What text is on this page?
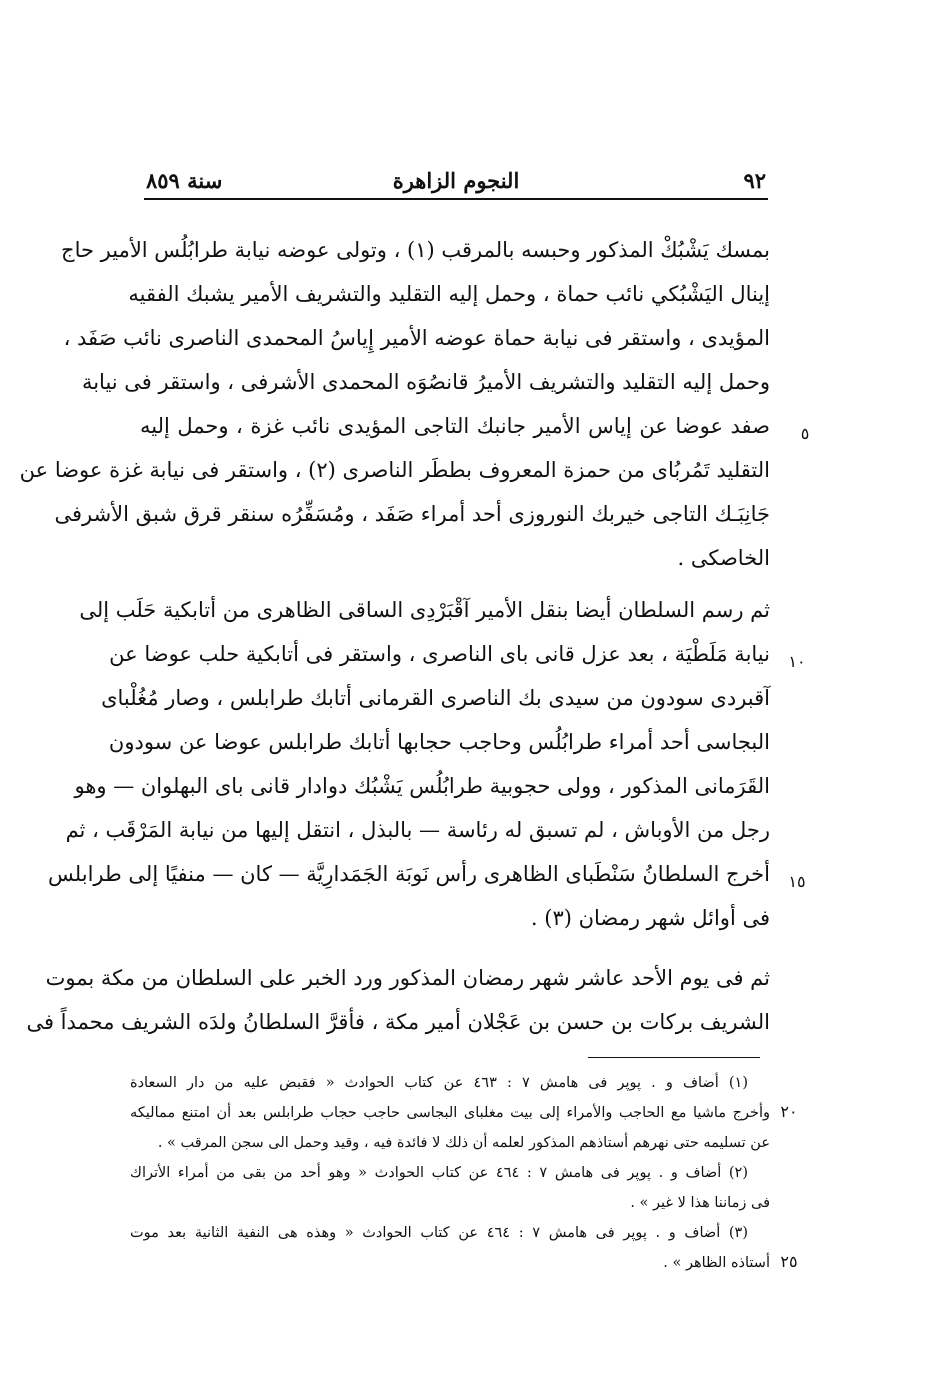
سنة ٨٥٩	النجوم الزاهرة	٩٢

بمسك يَشْبُكْ المذكور وحبسه بالمرقب (١) ، وتولى عوضه نيابة طرابُلُس الأمير حاج
إينال اليَشْبُكي نائب حماة ، وحمل إليه التقليد والتشريف الأمير يشبك الفقيه
المؤيدى ، واستقر فى نيابة حماة عوضه الأمير إِياسُ المحمدى الناصرى نائب صَفَد ،
وحمل إليه التقليد والتشريف الأميرُ قانصُوَه المحمدى الأشرفى ، واستقر فى نيابة
صفد عوضا عن إياس الأمير جانبك التاجى المؤيدى نائب غزة ، وحمل إليه
التقليد تَمُربُاى من حمزة المعروف بططَر الناصرى (٢) ، واستقر فى نيابة غزة عوضا عن
جَانِبَـك التاجى خيربك النوروزى أحد أمراء صَفَد ، ومُسَفِّرُه سنقر قرق شبق الأشرفى
الخاصكى .

ثم رسم السلطان أيضا بنقل الأمير آقْبَرْدِى الساقى الظاهرى من أتابكية حَلَب إلى
نيابة مَلَطْيَة ، بعد عزل قانى باى الناصرى ، واستقر فى أتابكية حلب عوضا عن
آقبردى سودون من سيدى بك الناصرى القرمانى أتابك طرابلس ، وصار مُغُلْباى
البجاسى أحد أمراء طرابُلُس وحاجب حجابها أتابك طرابلس عوضا عن سودون
القَرَمانى المذكور ، وولى حجوبية طرابُلُس يَشْبُك دوادار قانى باى البهلوان — وهو
رجل من الأوباش ، لم تسبق له رئاسة — بالبذل ، انتقل إليها من نيابة المَرْقَب ، ثم
أخرج السلطانُ سَنْطَباى الظاهرى رأس نَوبَة الجَمَدارِيَّة — كان — منفيًا إلى طرابلس
فى أوائل شهر رمضان (٣) .

ثم فى يوم الأحد عاشر شهر رمضان المذكور ورد الخبر على السلطان من مكة بموت
الشريف بركات بن حسن بن عَجْلان أمير مكة ، فأقرَّ السلطانُ ولدَه الشريف محمداً فى

٥
١٠
١٥
٢٠
٢٥
(١) أضاف و . پوپر فى هامش ٧ : ٤٦٣ عن كتاب الحوادث « فقبض عليه من دار السعادة
وأخرج ماشيا مع الحاجب والأمراء إلى بيت مغلباى البجاسى حاجب حجاب طرابلس بعد أن امتنع مماليكه
عن تسليمه حتى نهرهم أستاذهم المذكور لعلمه أن ذلك لا فائدة فيه ، وقيد وحمل الى سجن المرقب » .
(٢) أضاف و . پوپر فى هامش ٧ : ٤٦٤ عن كتاب الحوادث « وهو أحد من بقى من أمراء الأتراك
فى زماننا هذا لا غير » .
(٣) أضاف و . پوپر فى هامش ٧ : ٤٦٤ عن كتاب الحوادث « وهذه هى النفية الثانية بعد موت
أستاذه الظاهر » .
